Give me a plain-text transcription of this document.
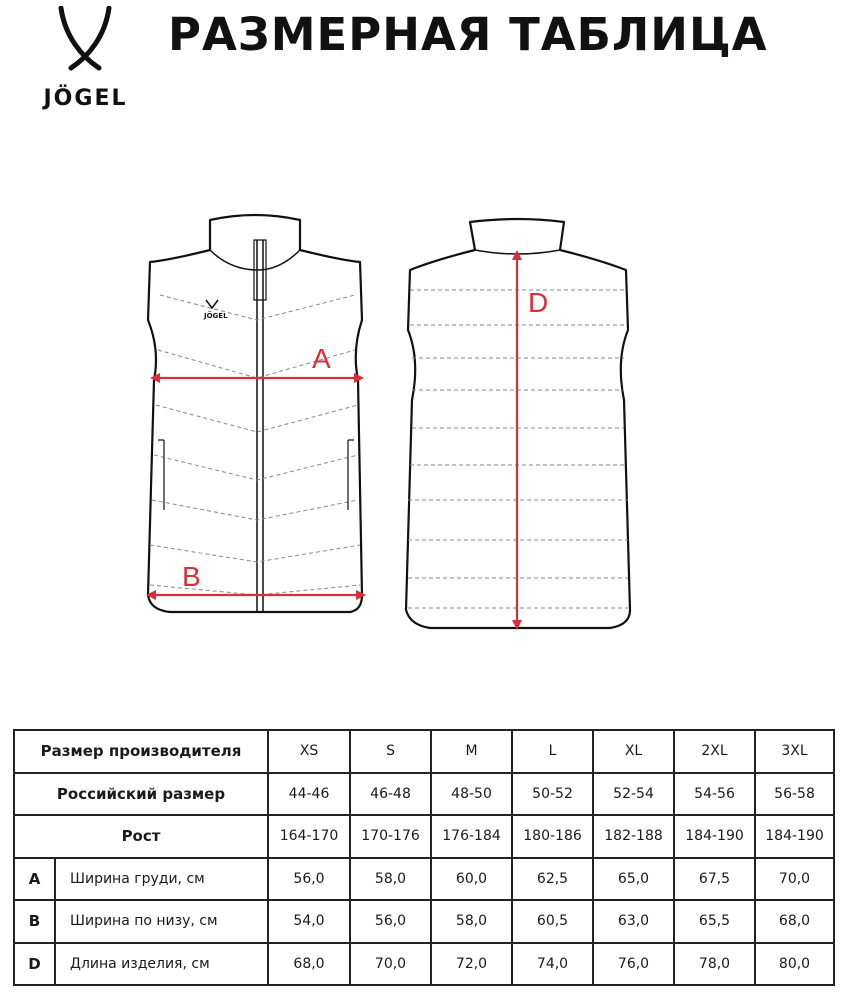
JÖGEL
РАЗМЕРНАЯ ТАБЛИЦА
JÖGEL
A
B
D
Размер производителя		XS	S	M	L	XL	2XL	3XL
Российский размер		44-46	46-48	48-50	50-52	52-54	54-56	56-58
Рост		164-170	170-176	176-184	180-186	182-188	184-190	184-190
A	Ширина груди, см	56,0	58,0	60,0	62,5	65,0	67,5	70,0
B	Ширина по низу, см	54,0	56,0	58,0	60,5	63,0	65,5	68,0
D	Длина изделия, см	68,0	70,0	72,0	74,0	76,0	78,0	80,0
